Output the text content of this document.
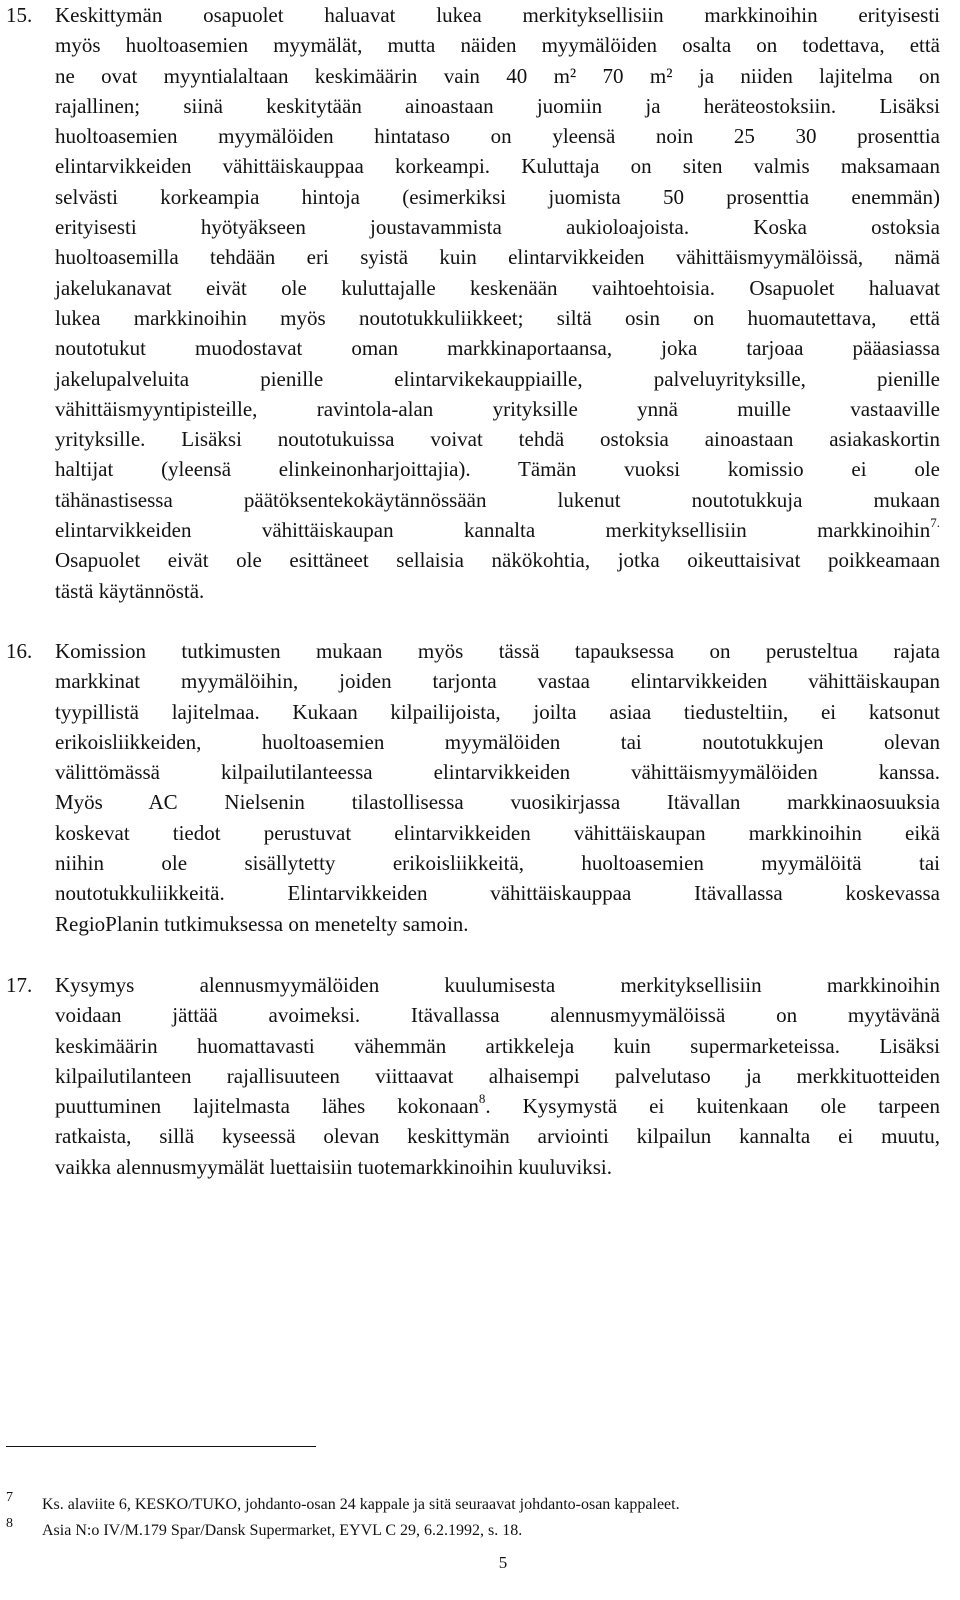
15. Keskittymän osapuolet haluavat lukea merkityksellisiin markkinoihin erityisesti
myös huoltoasemien myymälät, mutta näiden myymälöiden osalta on todettava, että
ne ovat myyntialaltaan keskimäärin vain 40 m² 70 m² ja niiden lajitelma on
rajallinen; siinä keskitytään ainoastaan juomiin ja heräteostoksiin. Lisäksi
huoltoasemien myymälöiden hintataso on yleensä noin 25 30 prosenttia
elintarvikkeiden vähittäiskauppaa korkeampi. Kuluttaja on siten valmis maksamaan
selvästi korkeampia hintoja (esimerkiksi juomista 50 prosenttia enemmän)
erityisesti hyötyäkseen joustavammista aukioloajoista. Koska ostoksia
huoltoasemilla tehdään eri syistä kuin elintarvikkeiden vähittäismyymälöissä, nämä
jakelukanavat eivät ole kuluttajalle keskenään vaihtoehtoisia. Osapuolet haluavat
lukea markkinoihin myös noutotukkuliikkeet; siltä osin on huomautettava, että
noutotukut muodostavat oman markkinaportaansa, joka tarjoaa pääasiassa
jakelupalveluita pienille elintarvikekauppiaille, palveluyrityksille, pienille
vähittäismyyntipisteille, ravintola-alan yrityksille ynnä muille vastaaville
yrityksille. Lisäksi noutotukuissa voivat tehdä ostoksia ainoastaan asiakaskortin
haltijat (yleensä elinkeinonharjoittajia). Tämän vuoksi komissio ei ole
tähänastisessa päätöksentekokäytännössään lukenut noutotukkuja mukaan
elintarvikkeiden vähittäiskaupan kannalta merkityksellisiin markkinoihin$^{7.}$
Osapuolet eivät ole esittäneet sellaisia näkökohtia, jotka oikeuttaisivat poikkeamaan
tästä käytännöstä.
16. Komission tutkimusten mukaan myös tässä tapauksessa on perusteltua rajata
markkinat myymälöihin, joiden tarjonta vastaa elintarvikkeiden vähittäiskaupan
tyypillistä lajitelmaa. Kukaan kilpailijoista, joilta asiaa tiedusteltiin, ei katsonut
erikoisliikkeiden, huoltoasemien myymälöiden tai noutotukkujen olevan
välittömässä kilpailutilanteessa elintarvikkeiden vähittäismyymälöiden kanssa.
Myös AC Nielsenin tilastollisessa vuosikirjassa Itävallan markkinaosuuksia
koskevat tiedot perustuvat elintarvikkeiden vähittäiskaupan markkinoihin eikä
niihin ole sisällytetty erikoisliikkeitä, huoltoasemien myymälöitä tai
noutotukkuliikkeitä. Elintarvikkeiden vähittäiskauppaa Itävallassa koskevassa
RegioPlanin tutkimuksessa on menetelty samoin.
17. Kysymys alennusmyymälöiden kuulumisesta merkityksellisiin markkinoihin
voidaan jättää avoimeksi. Itävallassa alennusmyymälöissä on myytävänä
keskimäärin huomattavasti vähemmän artikkeleja kuin supermarketeissa. Lisäksi
kilpailutilanteen rajallisuuteen viittaavat alhaisempi palvelutaso ja merkkituotteiden
puuttuminen lajitelmasta lähes kokonaan$^8$. Kysymystä ei kuitenkaan ole tarpeen
ratkaista, sillä kyseessä olevan keskittymän arviointi kilpailun kannalta ei muutu,
vaikka alennusmyymälät luettaisiin tuotemarkkinoihin kuuluviksi.
7 Ks. alaviite 6, KESKO/TUKO, johdanto-osan 24 kappale ja sitä seuraavat johdanto-osan kappaleet.
8 Asia N:o IV/M.179 Spar/Dansk Supermarket, EYVL C 29, 6.2.1992, s. 18.
5
